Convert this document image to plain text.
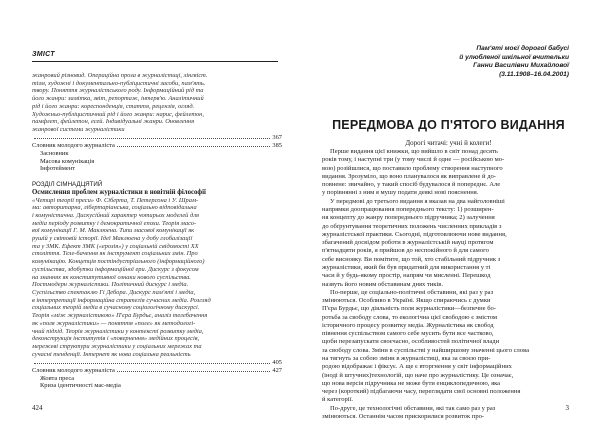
ЗМІСТ
жанровий різновид. Операційна проза в журналістиці, лінгвіст.
тізм, художні і документально-публіцистичні засоби, пам'ять.
твору. Поняття журналістського роду. Інформаційний рід та
його жанри: замітка, звіт, репортаж, інтерв'ю. Аналітичний
рід і його жанри: кореспонденція, стаття, рецензія, огляд.
Художньо-публіцистичний рід і його жанри: нарис, фейлетон,
памфлет, фейлетон, есей. Індивідуальні жанри. Оновлення
жанрової системи журналістики
367
Словник молодого журналіста	385
Засновник
Масова комунікація
Інфотеймент
РОЗДІЛ СІМНАДЦЯТИЙ
Осмислення проблем журналістики в новітній філософії
«Четирі теорії преси» Ф. Сіберта, Т. Петерсона і У. Шрам-
ма: авторитарна, лібертаріанська, соціально відповідальна
і комуністична. Дискусійний характер чотирьох моделей для
медіа періоду розвитку і демократичної епохи. Теорія масо-
вої комунікації Г. М. Маклюена. Типи масової комунікації як
рушій у світовій історії. Ідеї Маклюена у добу глобалізації
та у ЗМК. Ефект ЗМК («ерозія») у соціальній свідомості ХХ
століття. Теле-бачення як інструмент соціальних змін. Про
комунікацію. Концепція постіндустріального (інформаційного)
суспільства, здобутки інформаційної ери. Дискурс з фокусом
на знаннях як конститутивної ознаки нового суспільства.
Постмодерн журналістики. Політичний дискурс і медіа.
Суспільство спектаклю Гі Дебора. Дискурс пам'яті і медіа,
в інтерпретації інформаційна стратегія сучасних медіа. Розгляд
соціальних теорій медіа в сучасному соціологічному дискурсі.
Теорія «між журналістикою» П'єра Бурдьє, аналіз телебачення
як «поля журналістики» — поняття «поле» як методологі-
чний підхід. Теорія журналістики у контексті розвитку медіа,
деконструкція інститутів і «повернення» медійних процесів,
мережеві структури журналістики у соціальних мережах та
сучасні тенденції. Інтернет як нова соціальна реальність
405
Словник молодого журналіста	427
Жовта преса
Криза ідентичності мас-медіа
424
Пам'яті моєї дорогої бабусі
й улюбленої шкільної вчительки
Ганни Василівни Михайлової
(3.11.1908–16.04.2001)
ПЕРЕДМОВА ДО П'ЯТОГО ВИДАННЯ
Дорогі читачі: учні й колеги!
Перше видання цієї книжки, що вийшло в світ понад десять
років тому, і наступні три (у тому числі й одне — російською мо-
вою) розійшлися, що поставило проблему створення наступного
видання. Зрозуміло, що воно планувалося як виправлене й до-
повнене: звичайно, у такий спосіб будувалося й попереднє. Але
у порівнянні з ним я мушу подати деякі нові пояснення.
У передмові до третього видання я вказав на два найголовніші
напрямки доопрацювання попереднього тексту: 1) розширен-
ня концепту до жанру попереднього підручника; 2) залучення
до обґрунтування теоретичних положень численних прикладів з
журналістської практики. Сьогодні, підготовлюючи нове видання,
збагачений досвідом роботи в журналістській науці протягом
п'ятнадцяти років, я прийшов до неспокійного й для самого
себе висновку. Ви помітите, що той, хто стабільний підручник з
журналістики, який би був придатний для використання у ті
часи й у будь-якому простір, напрям чи мисленні. Перешкод
назвуть його новим обставинам днях тиків.
По-перше, це соціально-політичні обставини, які раз у раз
змінюються. Особливо в Україні. Якщо спираючись с думки
П'єра Бурдьє, що діяльність поля журналістики—безпечне бо-
ротьба за свободу слова, то екологічна цієї свободою є змістом
історичного процесу розвитку медіа. Журналістика як свобод
півнення суспільством самого себе мусить бути все частково,
щоби перезапускати своєчасно, особливостей політичної влади
за свободу слова. Зміни в суспільстві у найширшому значенні цього слова
на тягнуть за собою зміни в журналістиці, яка за своєю при-
родою відображає і фіксує. А ще є вторгнення у світ інформаційних
(іноді й штучних)технологій, що наче про журналістику. Це означає,
що нова версія підручника не може бути енциклопедичною, яка
через (короткий) підбагаючи часу, переглядати свої основні положення
й категорії.
По-друге, це технологічні обставини, які так само раз у раз
змінюються. Останнім часом прискорилися розвиток про-
3
